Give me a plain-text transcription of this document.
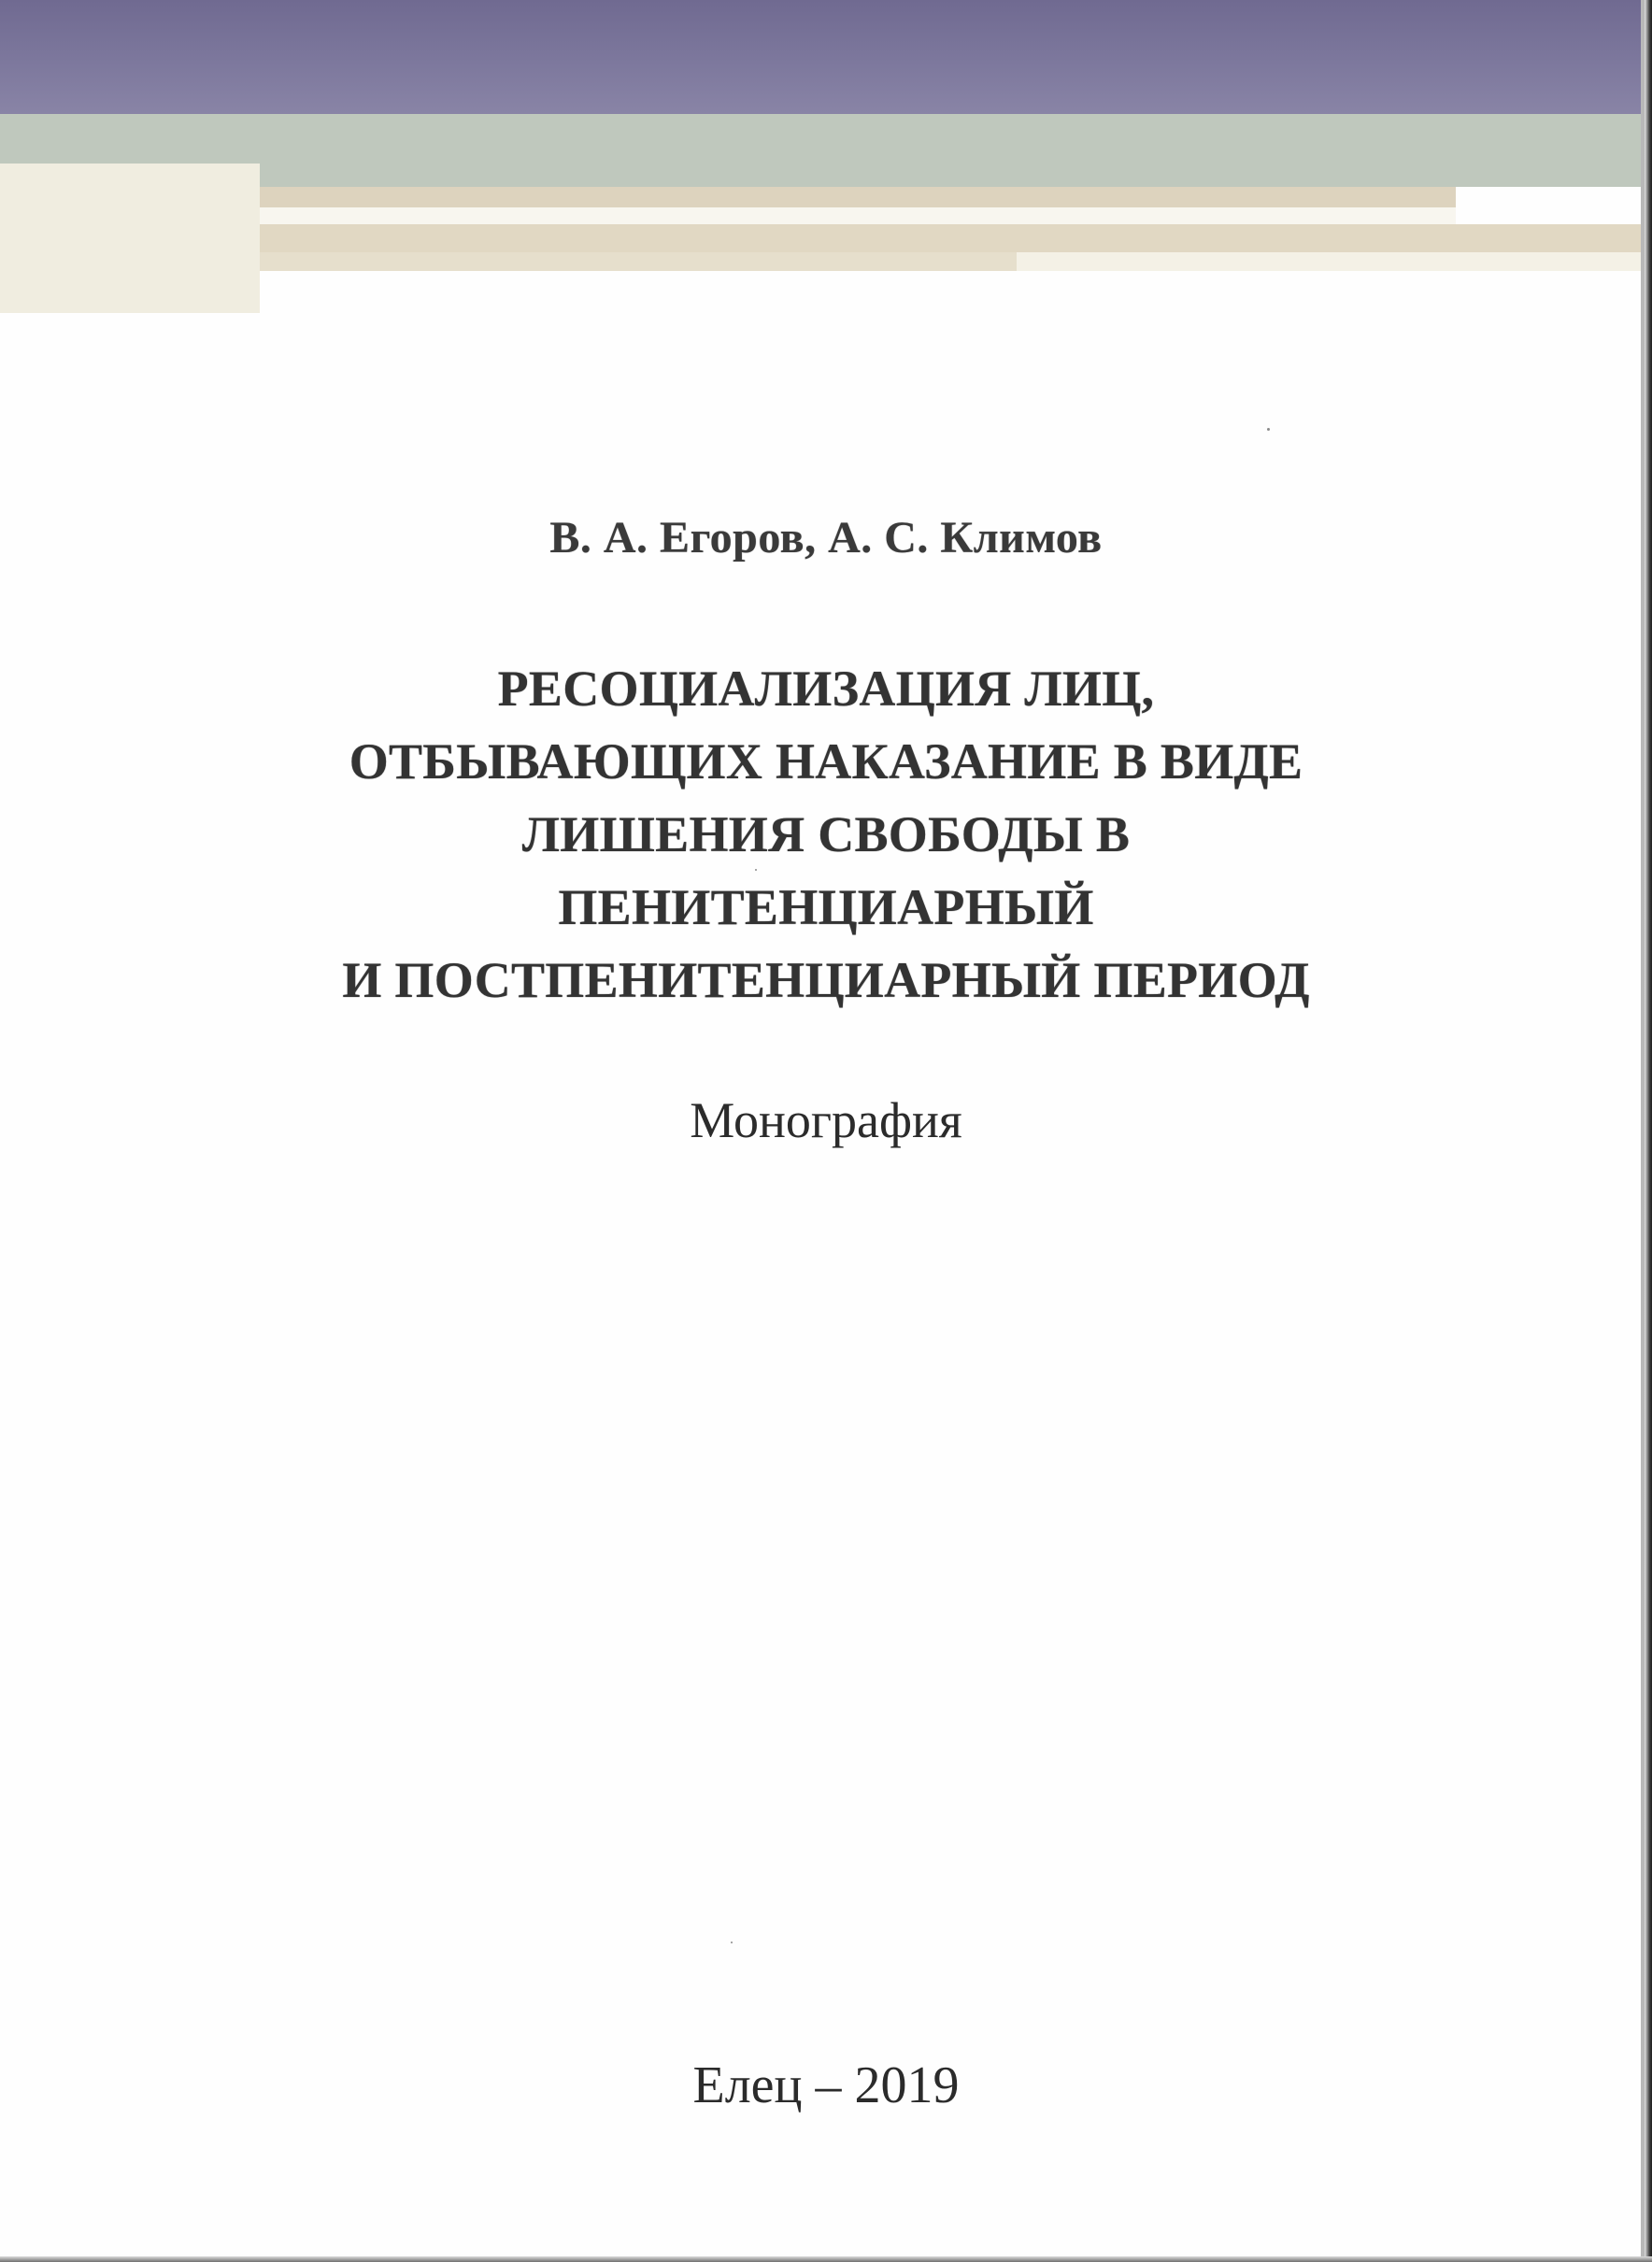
В. А. Егоров, А. С. Климов
РЕСОЦИАЛИЗАЦИЯ ЛИЦ,
ОТБЫВАЮЩИХ НАКАЗАНИЕ В ВИДЕ
ЛИШЕНИЯ СВОБОДЫ В
ПЕНИТЕНЦИАРНЫЙ
И ПОСТПЕНИТЕНЦИАРНЫЙ ПЕРИОД
Монография
Елец – 2019
